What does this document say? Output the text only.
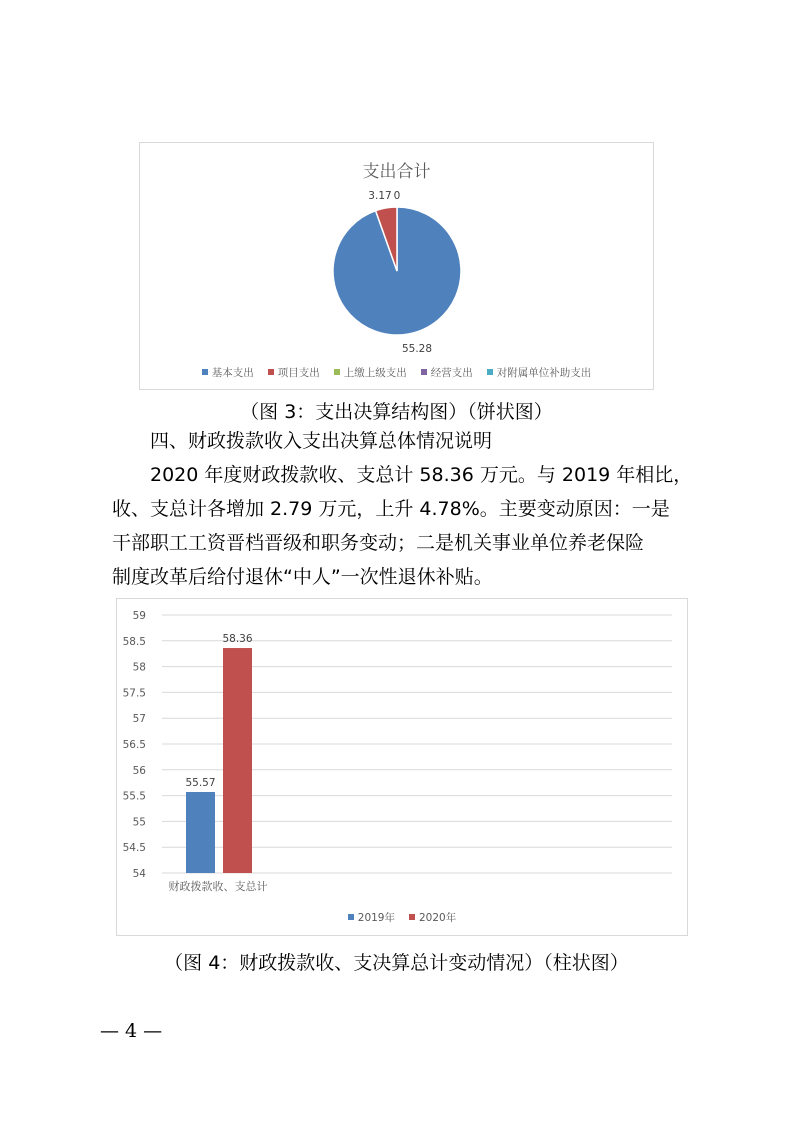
支出合计
55.28
3.17 0
基本支出 项目支出 上缴上级支出 经营支出 对附属单位补助支出
（图 3：支出决算结构图）（饼状图）
四、财政拨款收入支出决算总体情况说明
2020 年度财政拨款收、支总计 58.36 万元。与 2019 年相比，
收、支总计各增加 2.79 万元，上升 4.78%。主要变动原因：一是
干部职工工资晋档晋级和职务变动；二是机关事业单位养老保险
制度改革后给付退休“中人”一次性退休补贴。
54
54.5
55
55.5
56
56.5
57
57.5
58
58.5
59
55.57
58.36
财政拨款收、支总计
2019年 2020年
（图 4：财政拨款收、支决算总计变动情况）（柱状图）
— 4 —
